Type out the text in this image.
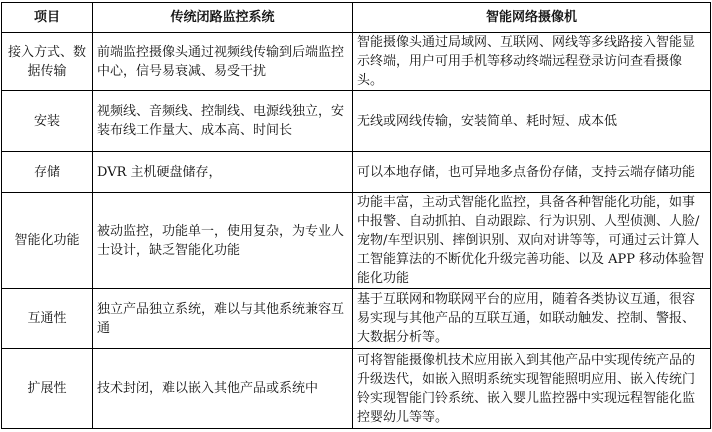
项目	传统闭路监控系统	智能网络摄像机
接入方式、数据传输	前端监控摄像头通过视频线传输到后端监控中心，信号易衰减、易受干扰	智能摄像头通过局域网、互联网、网线等多线路接入智能显示终端，用户可用手机等移动终端远程登录访问查看摄像头。
安装	视频线、音频线、控制线、电源线独立，安装布线工作量大、成本高、时间长	无线或网线传输，安装简单、耗时短、成本低
存储	DVR 主机硬盘储存，	可以本地存储，也可异地多点备份存储，支持云端存储功能
智能化功能	被动监控，功能单一，使用复杂，为专业人士设计，缺乏智能化功能	功能丰富，主动式智能化监控，具备各种智能化功能，如事中报警、自动抓拍、自动跟踪、行为识别、人型侦测、人脸/宠物/车型识别、摔倒识别、双向对讲等等，可通过云计算人工智能算法的不断优化升级完善功能、以及 APP 移动体验智能化功能
互通性	独立产品独立系统，难以与其他系统兼容互通	基于互联网和物联网平台的应用，随着各类协议互通，很容易实现与其他产品的互联互通，如联动触发、控制、警报、大数据分析等。
扩展性	技术封闭，难以嵌入其他产品或系统中	可将智能摄像机技术应用嵌入到其他产品中实现传统产品的升级迭代，如嵌入照明系统实现智能照明应用、嵌入传统门铃实现智能门铃系统、嵌入婴儿监控器中实现远程智能化监控婴幼儿等等。
